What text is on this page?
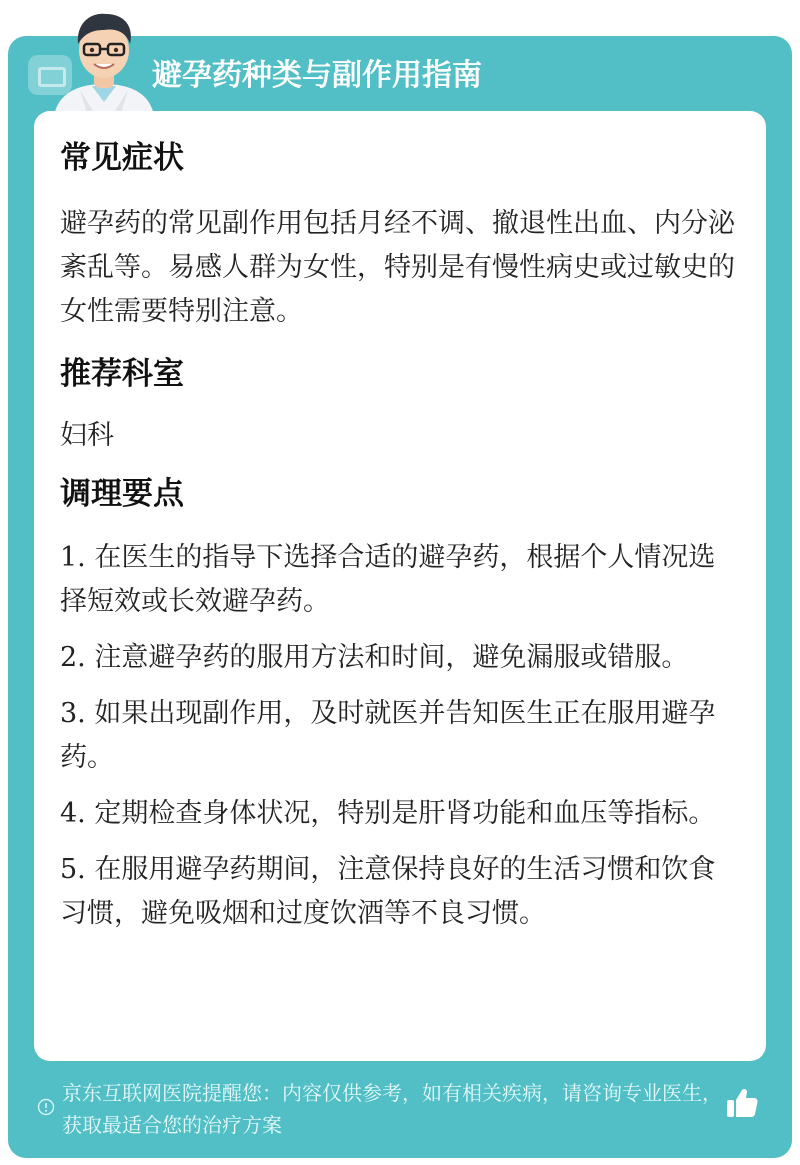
避孕药种类与副作用指南
常见症状

避孕药的常见副作用包括月经不调、撤退性出血、内分泌紊乱等。易感人群为女性，特别是有慢性病史或过敏史的女性需要特别注意。

推荐科室

妇科

调理要点

1. 在医生的指导下选择合适的避孕药，根据个人情况选择短效或长效避孕药。

2. 注意避孕药的服用方法和时间，避免漏服或错服。

3. 如果出现副作用，及时就医并告知医生正在服用避孕药。

4. 定期检查身体状况，特别是肝肾功能和血压等指标。

5. 在服用避孕药期间，注意保持良好的生活习惯和饮食习惯，避免吸烟和过度饮酒等不良习惯。

京东互联网医院提醒您：内容仅供参考，如有相关疾病，请咨询专业医生，获取最适合您的治疗方案
